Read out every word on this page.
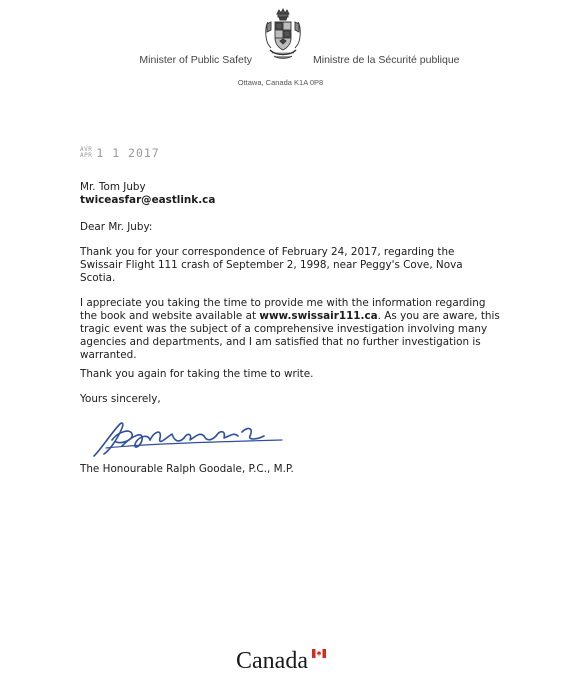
Minister of Public Safety	Ministre de la Sécurité publique
Ottawa, Canada K1A 0P8
AVR
APR 1 1 2017

Mr. Tom Juby

twiceasfar@eastlink.ca

Dear Mr. Juby:
Thank you for your correspondence of February 24, 2017, regarding the Swissair Flight 111 crash of September 2, 1998, near Peggy's Cove, Nova Scotia.
I appreciate you taking the time to provide me with the information regarding the book and website available at www.swissair111.ca. As you are aware, this tragic event was the subject of a comprehensive investigation involving many agencies and departments, and I am satisfied that no further investigation is warranted.
Thank you again for taking the time to write.
Yours sincerely,
The Honourable Ralph Goodale, P.C., M.P.
Canada
